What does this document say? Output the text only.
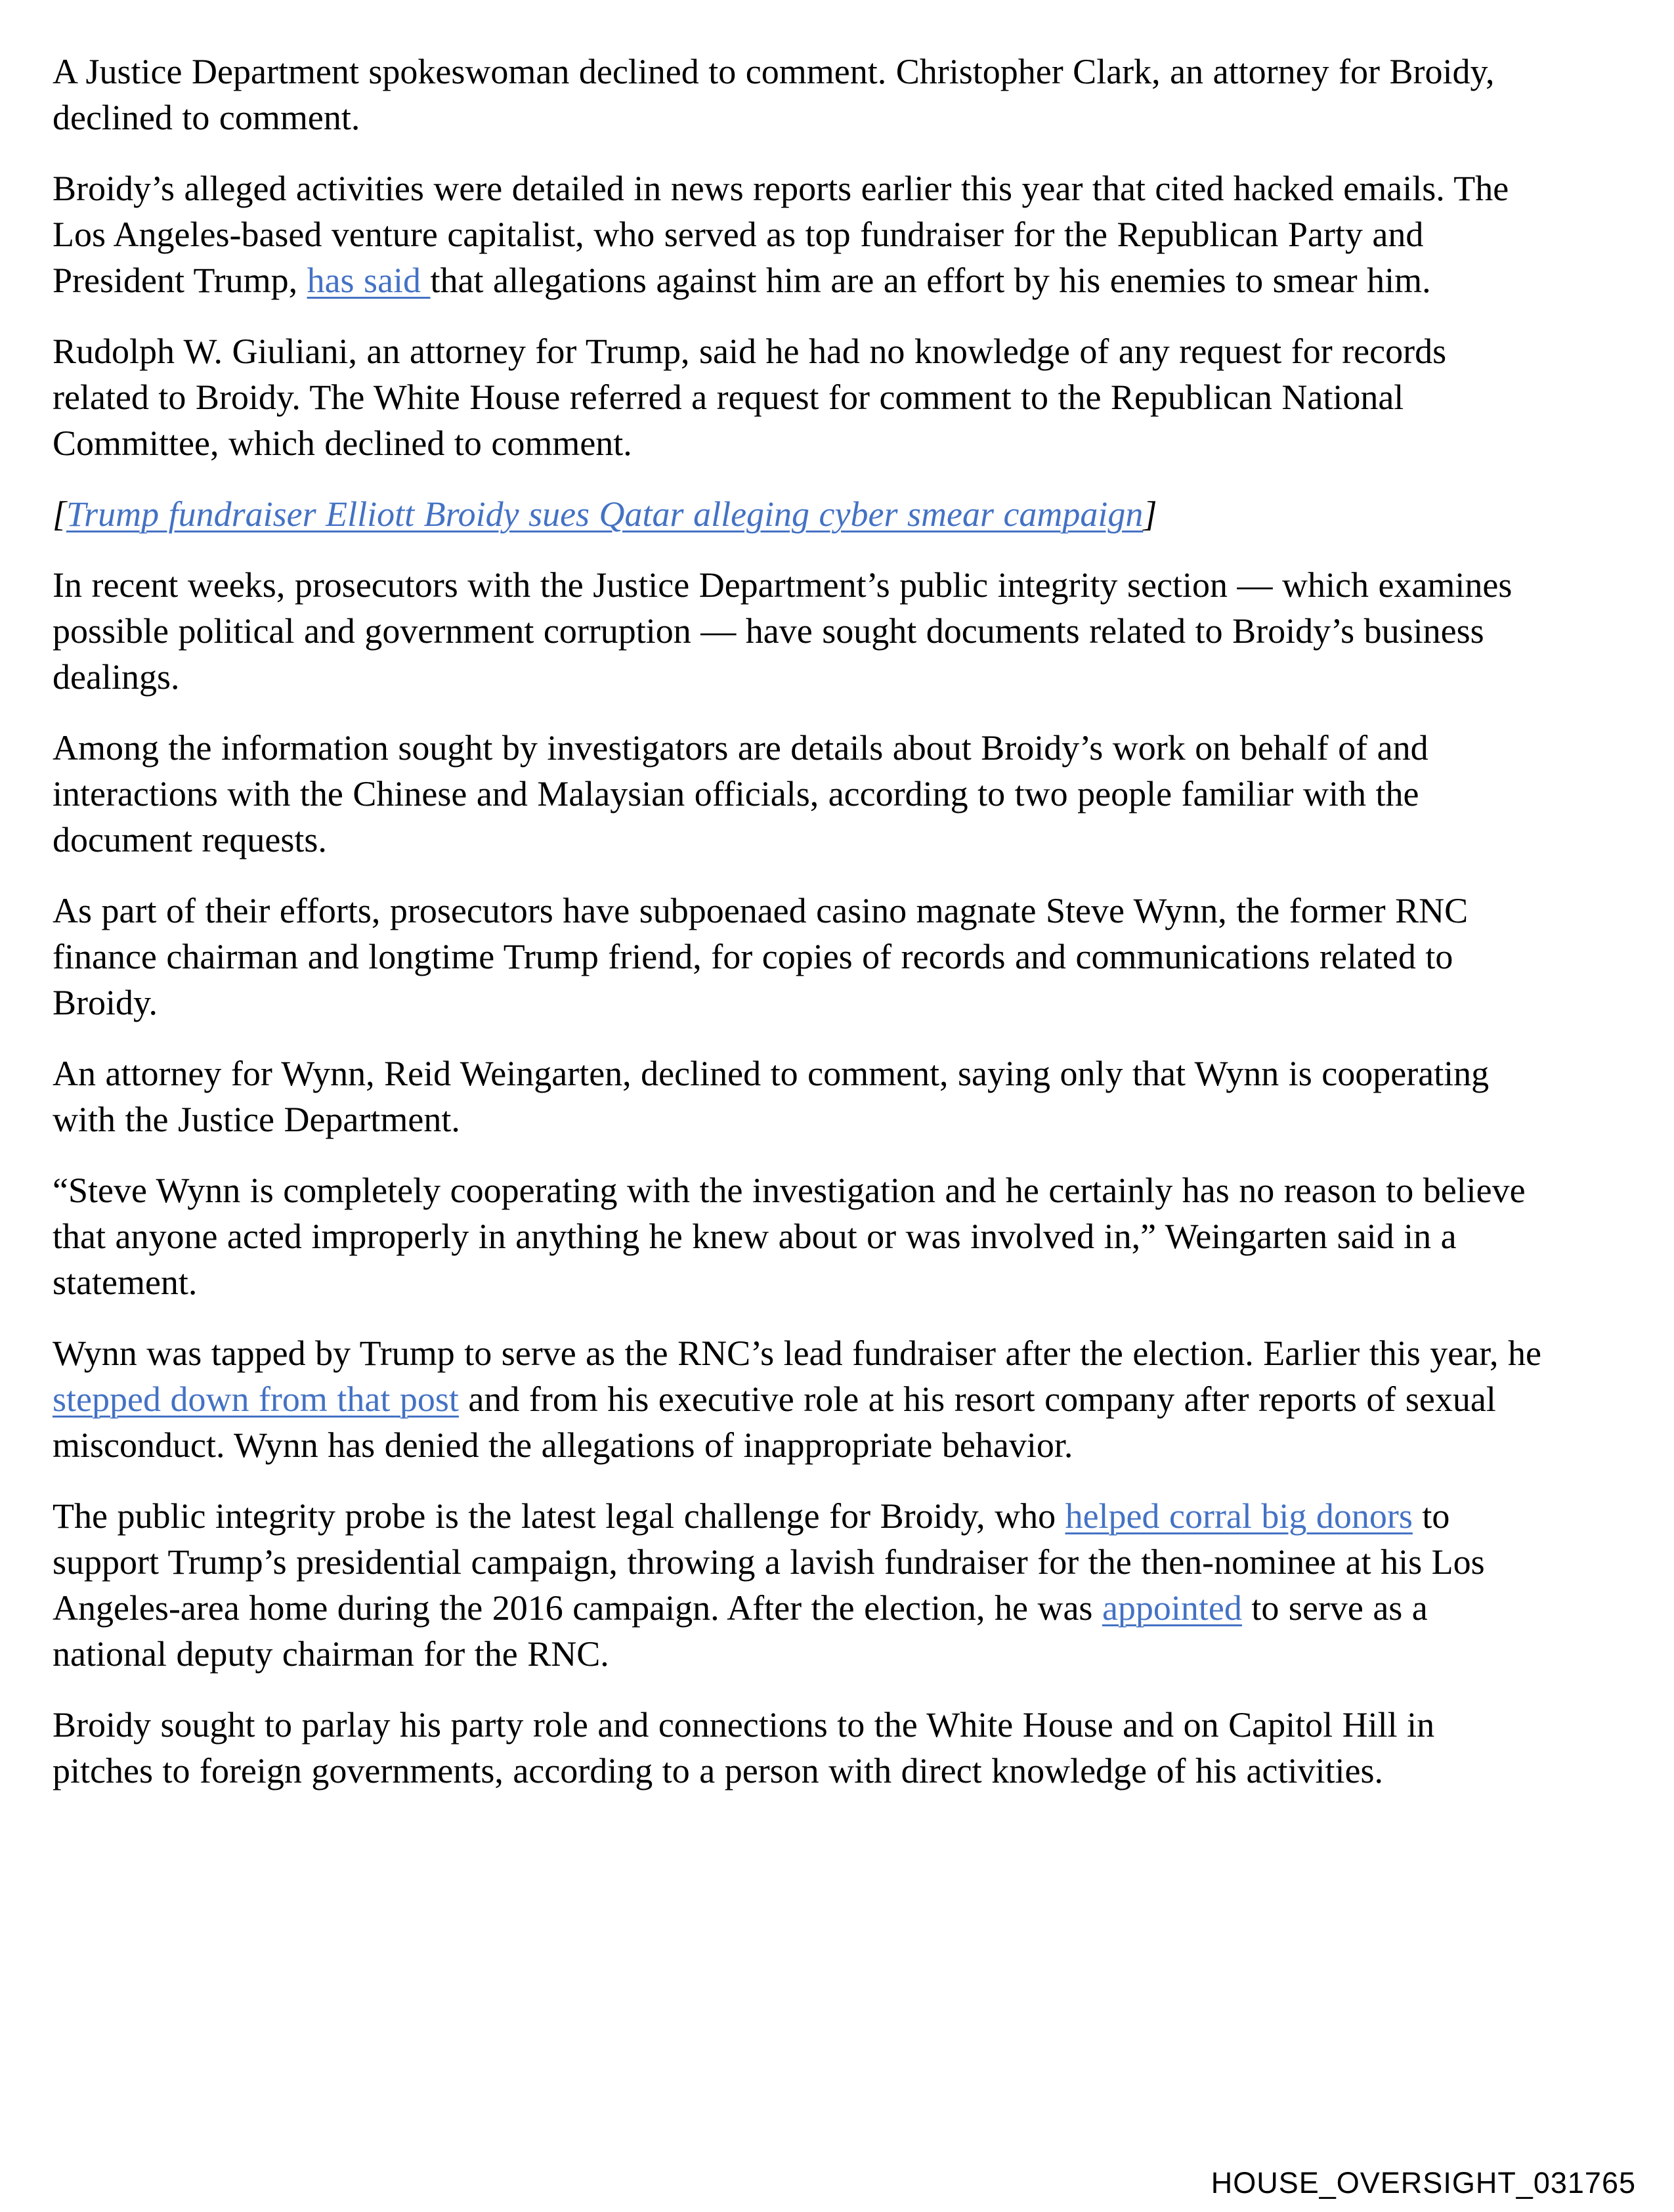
A Justice Department spokeswoman declined to comment. Christopher Clark, an attorney for Broidy, declined to comment.

Broidy’s alleged activities were detailed in news reports earlier this year that cited hacked emails. The Los Angeles-based venture capitalist, who served as top fundraiser for the Republican Party and President Trump, has said that allegations against him are an effort by his enemies to smear him.

Rudolph W. Giuliani, an attorney for Trump, said he had no knowledge of any request for records related to Broidy. The White House referred a request for comment to the Republican National Committee, which declined to comment.

[Trump fundraiser Elliott Broidy sues Qatar alleging cyber smear campaign]

In recent weeks, prosecutors with the Justice Department’s public integrity section — which examines possible political and government corruption — have sought documents related to Broidy’s business dealings.

Among the information sought by investigators are details about Broidy’s work on behalf of and interactions with the Chinese and Malaysian officials, according to two people familiar with the document requests.

As part of their efforts, prosecutors have subpoenaed casino magnate Steve Wynn, the former RNC finance chairman and longtime Trump friend, for copies of records and communications related to Broidy.

An attorney for Wynn, Reid Weingarten, declined to comment, saying only that Wynn is cooperating with the Justice Department.

“Steve Wynn is completely cooperating with the investigation and he certainly has no reason to believe that anyone acted improperly in anything he knew about or was involved in,” Weingarten said in a statement.

Wynn was tapped by Trump to serve as the RNC’s lead fundraiser after the election. Earlier this year, he stepped down from that post and from his executive role at his resort company after reports of sexual misconduct. Wynn has denied the allegations of inappropriate behavior.

The public integrity probe is the latest legal challenge for Broidy, who helped corral big donors to support Trump’s presidential campaign, throwing a lavish fundraiser for the then-nominee at his Los Angeles-area home during the 2016 campaign. After the election, he was appointed to serve as a national deputy chairman for the RNC.

Broidy sought to parlay his party role and connections to the White House and on Capitol Hill in pitches to foreign governments, according to a person with direct knowledge of his activities.

HOUSE_OVERSIGHT_031765
